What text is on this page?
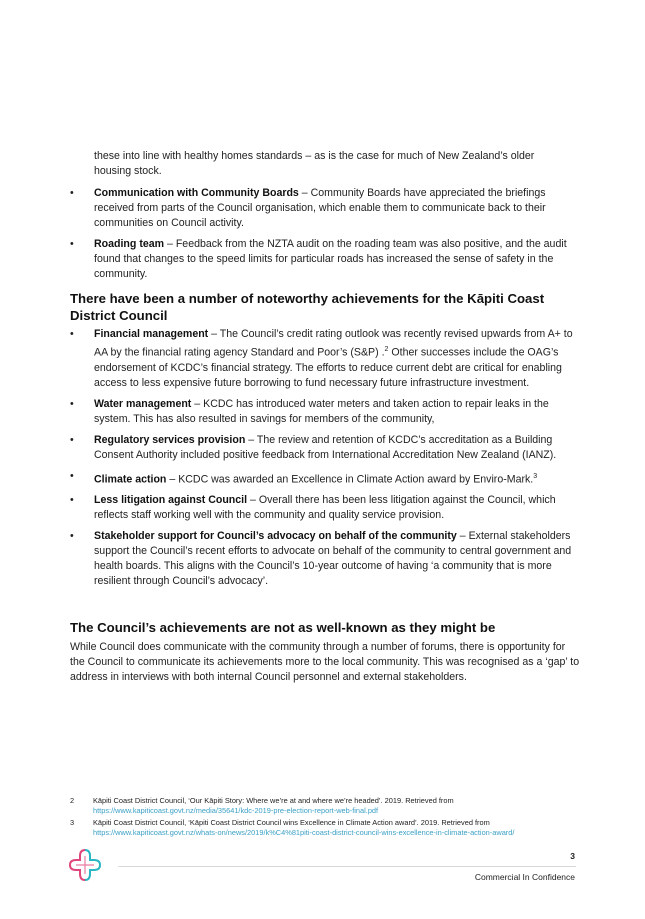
these into line with healthy homes standards – as is the case for much of New Zealand’s older housing stock.
• Communication with Community Boards – Community Boards have appreciated the briefings received from parts of the Council organisation, which enable them to communicate back to their communities on Council activity.
• Roading team – Feedback from the NZTA audit on the roading team was also positive, and the audit found that changes to the speed limits for particular roads has increased the sense of safety in the community.
There have been a number of noteworthy achievements for the Kāpiti Coast District Council
• Financial management – The Council’s credit rating outlook was recently revised upwards from A+ to AA by the financial rating agency Standard and Poor’s (S&P) .$^2$ Other successes include the OAG’s endorsement of KCDC’s financial strategy. The efforts to reduce current debt are critical for enabling access to less expensive future borrowing to fund necessary future infrastructure investment.
• Water management – KCDC has introduced water meters and taken action to repair leaks in the system. This has also resulted in savings for members of the community,
• Regulatory services provision – The review and retention of KCDC’s accreditation as a Building Consent Authority included positive feedback from International Accreditation New Zealand (IANZ).
• Climate action – KCDC was awarded an Excellence in Climate Action award by Enviro-Mark.$^3$
• Less litigation against Council – Overall there has been less litigation against the Council, which reflects staff working well with the community and quality service provision.
• Stakeholder support for Council’s advocacy on behalf of the community – External stakeholders support the Council’s recent efforts to advocate on behalf of the community to central government and health boards. This aligns with the Council’s 10-year outcome of having ‘a community that is more resilient through Council’s advocacy’.
The Council’s achievements are not as well-known as they might be
While Council does communicate with the community through a number of forums, there is opportunity for the Council to communicate its achievements more to the local community. This was recognised as a ‘gap’ to address in interviews with both internal Council personnel and external stakeholders.
2	Kāpiti Coast District Council, ‘Our Kāpiti Story: Where we’re at and where we’re headed’. 2019. Retrieved from
https://www.kapiticoast.govt.nz/media/35641/kdc-2019-pre-election-report-web-final.pdf
3	Kāpiti Coast District Council, ‘Kāpiti Coast District Council wins Excellence in Climate Action award’. 2019. Retrieved from
https://www.kapiticoast.govt.nz/whats-on/news/2019/k%C4%81piti-coast-district-council-wins-excellence-in-climate-action-award/
3
Commercial In Confidence
